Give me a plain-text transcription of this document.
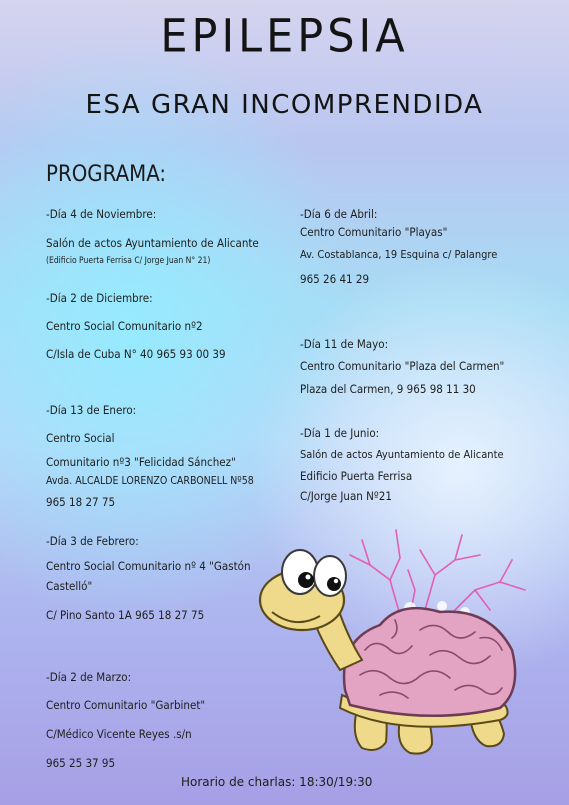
EPILEPSIA
ESA GRAN INCOMPRENDIDA
PROGRAMA:
-Día 4 de Noviembre:
Salón de actos Ayuntamiento de Alicante
(Edificio Puerta Ferrisa C/ Jorge Juan N° 21)
-Día 2 de Diciembre:
Centro Social Comunitario nº2
C/Isla de Cuba N° 40 965 93 00 39
-Día 13 de Enero:
Centro Social
Comunitario nº3 "Felicidad Sánchez"
Avda. ALCALDE LORENZO CARBONELL Nº58
965 18 27 75
-Día 3 de Febrero:
Centro Social Comunitario nº 4 "Gastón
Castelló"
C/ Pino Santo 1A 965 18 27 75
-Día 2 de Marzo:
Centro Comunitario "Garbinet"
C/Médico Vicente Reyes .s/n
965 25 37 95
-Día 6 de Abril:
Centro Comunitario "Playas"
Av. Costablanca, 19 Esquina c/ Palangre
965 26 41 29
-Día 11 de Mayo:
Centro Comunitario "Plaza del Carmen"
Plaza del Carmen, 9 965 98 11 30
-Día 1 de Junio:
Salón de actos Ayuntamiento de Alicante
Edificio Puerta Ferrisa
C/Jorge Juan Nº21
Horario de charlas: 18:30/19:30
